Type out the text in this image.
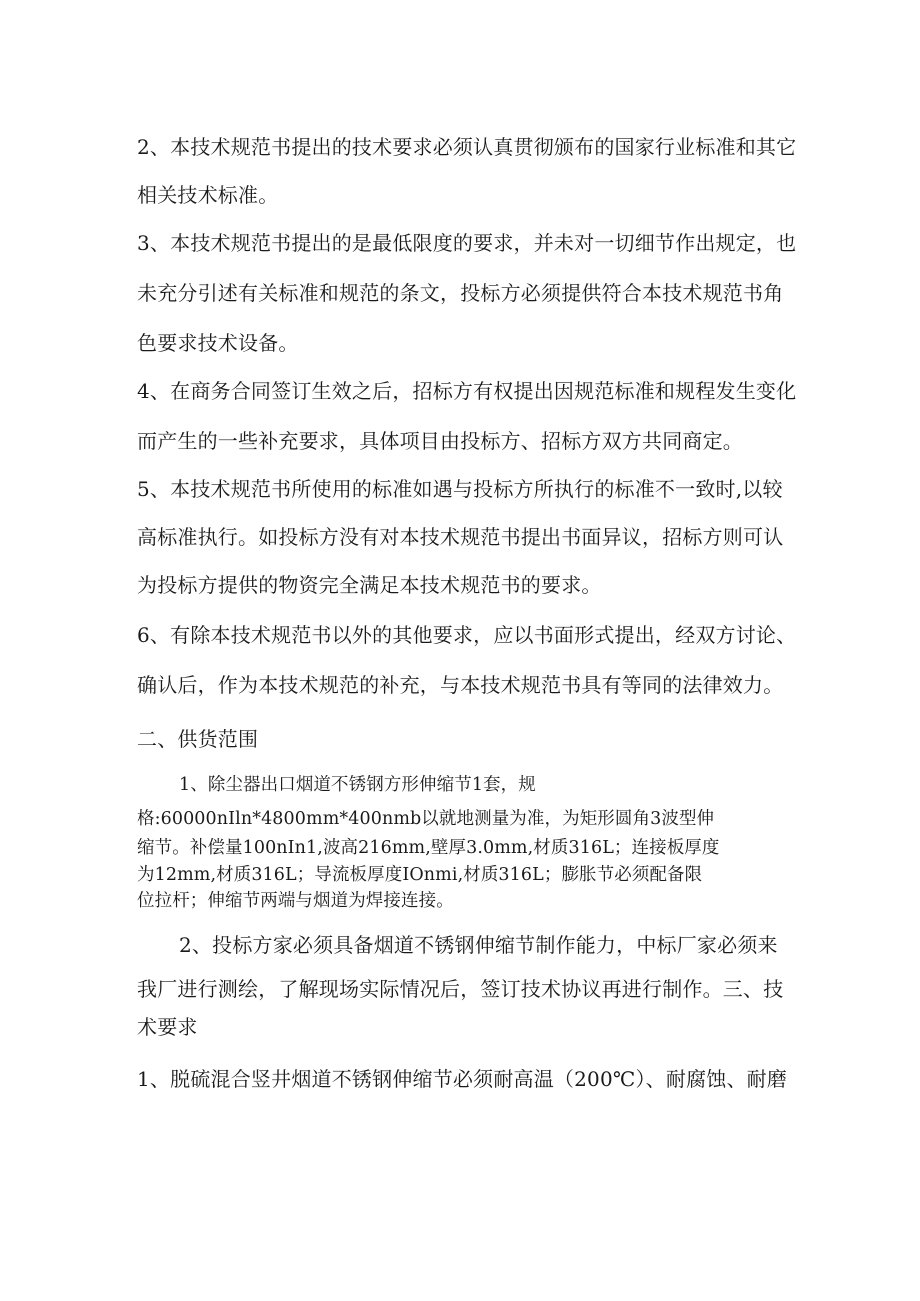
2、本技术规范书提出的技术要求必须认真贯彻颁布的国家行业标准和其它
相关技术标准。
3、本技术规范书提出的是最低限度的要求，并未对一切细节作出规定，也
未充分引述有关标准和规范的条文，投标方必须提供符合本技术规范书角
色要求技术设备。
4、在商务合同签订生效之后，招标方有权提出因规范标准和规程发生变化
而产生的一些补充要求，具体项目由投标方、招标方双方共同商定。
5、本技术规范书所使用的标准如遇与投标方所执行的标准不一致时,以较
高标准执行。如投标方没有对本技术规范书提出书面异议，招标方则可认
为投标方提供的物资完全满足本技术规范书的要求。
6、有除本技术规范书以外的其他要求，应以书面形式提出，经双方讨论、
确认后，作为本技术规范的补充，与本技术规范书具有等同的法律效力。
二、供货范围
1、除尘器出口烟道不锈钢方形伸缩节1套，规
格:60000nIln*4800mm*400nmb以就地测量为准，为矩形圆角3波型伸
缩节。补偿量100nIn1,波高216mm,壁厚3.0mm,材质316L；连接板厚度
为12mm,材质316L；导流板厚度IOnmi,材质316L；膨胀节必须配备限
位拉杆；伸缩节两端与烟道为焊接连接。
2、投标方家必须具备烟道不锈钢伸缩节制作能力，中标厂家必须来
我厂进行测绘，了解现场实际情况后，签订技术协议再进行制作。三、技
术要求
1、脱硫混合竖井烟道不锈钢伸缩节必须耐高温（200℃）、耐腐蚀、耐磨
